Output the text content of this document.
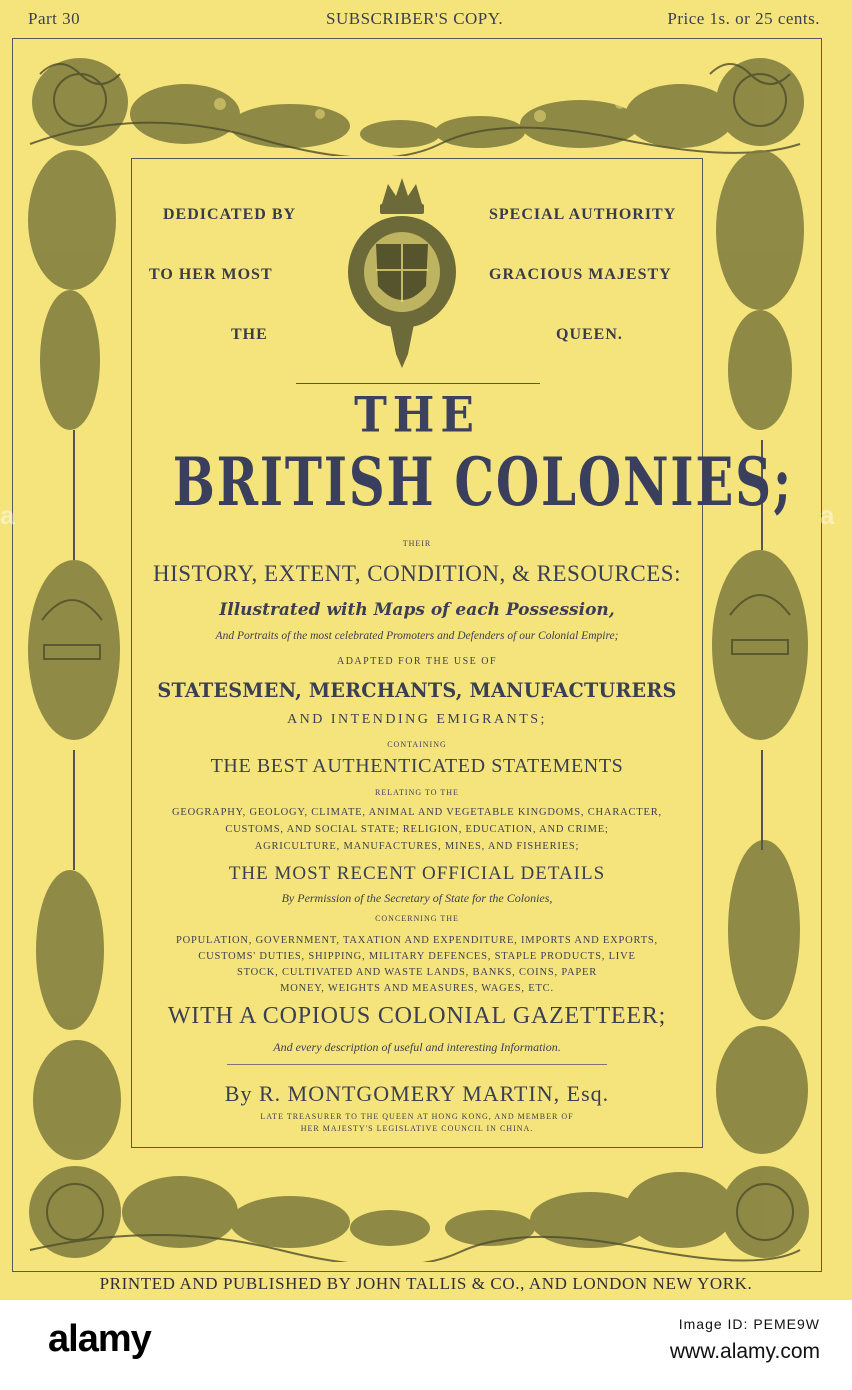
Part 30	SUBSCRIBER'S COPY.	Price 1s. or 25 cents.
DEDICATED BY
TO HER MOST
THE
SPECIAL AUTHORITY
GRACIOUS MAJESTY
QUEEN.
THE
BRITISH COLONIES;
THEIR
HISTORY, EXTENT, CONDITION, & RESOURCES:
Illustrated with Maps of each Possession,
And Portraits of the most celebrated Promoters and Defenders of our Colonial Empire;
ADAPTED FOR THE USE OF
STATESMEN, MERCHANTS, MANUFACTURERS
AND INTENDING EMIGRANTS;
CONTAINING
THE BEST AUTHENTICATED STATEMENTS
RELATING TO THE
GEOGRAPHY, GEOLOGY, CLIMATE, ANIMAL AND VEGETABLE KINGDOMS, CHARACTER,
CUSTOMS, AND SOCIAL STATE; RELIGION, EDUCATION, AND CRIME;
AGRICULTURE, MANUFACTURES, MINES, AND FISHERIES;
THE MOST RECENT OFFICIAL DETAILS
By Permission of the Secretary of State for the Colonies,
CONCERNING THE
POPULATION, GOVERNMENT, TAXATION AND EXPENDITURE, IMPORTS AND EXPORTS,
CUSTOMS' DUTIES, SHIPPING, MILITARY DEFENCES, STAPLE PRODUCTS, LIVE
STOCK, CULTIVATED AND WASTE LANDS, BANKS, COINS, PAPER
MONEY, WEIGHTS AND MEASURES, WAGES, ETC.
WITH A COPIOUS COLONIAL GAZETTEER;
And every description of useful and interesting Information.
By R. MONTGOMERY MARTIN, Esq.
LATE TREASURER TO THE QUEEN AT HONG KONG, AND MEMBER OF
HER MAJESTY'S LEGISLATIVE COUNCIL IN CHINA.
PRINTED AND PUBLISHED BY JOHN TALLIS & CO., AND LONDON NEW YORK.
a	a
alamy	Image ID: PEME9W
www.alamy.com
